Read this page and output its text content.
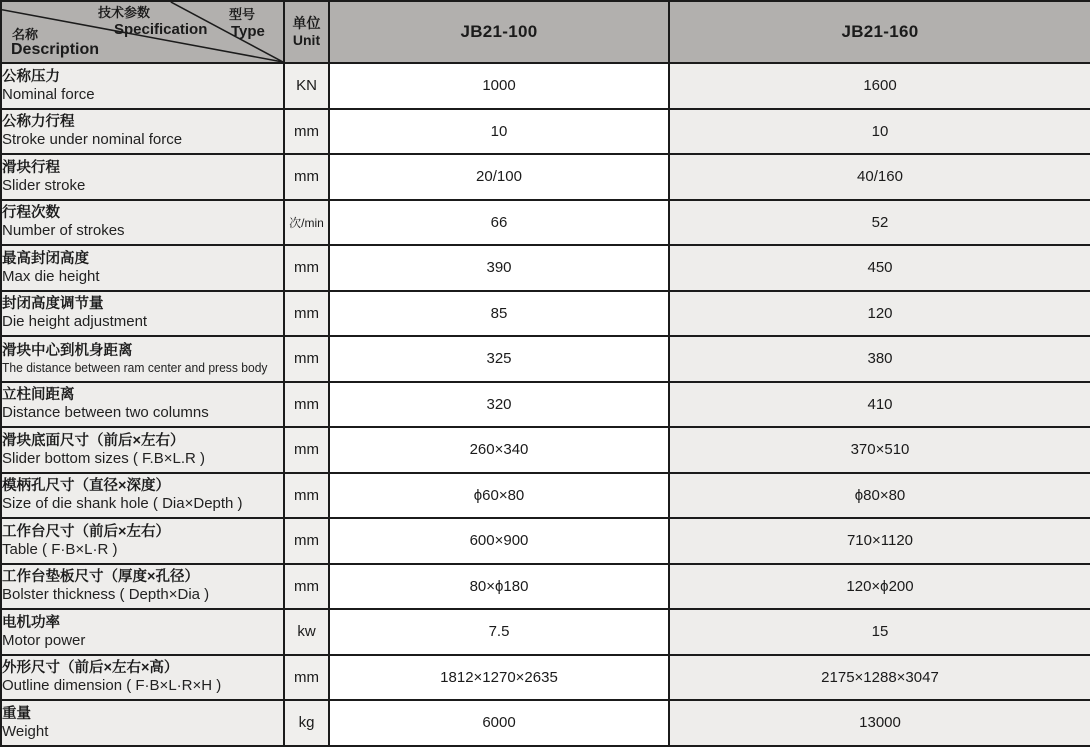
技术参数
Specification
型号
Type
名称
Description

单位
Unit	JB21-100	JB21-160

公称压力
Nominal force	KN	1000	1600

公称力行程
Stroke under nominal force	mm	10	10

滑块行程
Slider stroke	mm	20/100	40/160

行程次数
Number of strokes	次/min	66	52

最高封闭高度
Max die height	mm	390	450

封闭高度调节量
Die height adjustment	mm	85	120

滑块中心到机身距离
The distance between ram center and press body	mm	325	380

立柱间距离
Distance between two columns	mm	320	410

滑块底面尺寸（前后×左右）
Slider bottom sizes ( F.B×L.R )	mm	260×340	370×510

模柄孔尺寸（直径×深度）
Size of die shank hole ( Dia×Depth )	mm	ϕ60×80	ϕ80×80

工作台尺寸（前后×左右）
Table ( F·B×L·R )	mm	600×900	710×1120

工作台垫板尺寸（厚度×孔径）
Bolster thickness ( Depth×Dia )	mm	80×ϕ180	120×ϕ200

电机功率
Motor power	kw	7.5	15

外形尺寸（前后×左右×高）
Outline dimension ( F·B×L·R×H )	mm	1812×1270×2635	2175×1288×3047

重量
Weight	kg	6000	13000
